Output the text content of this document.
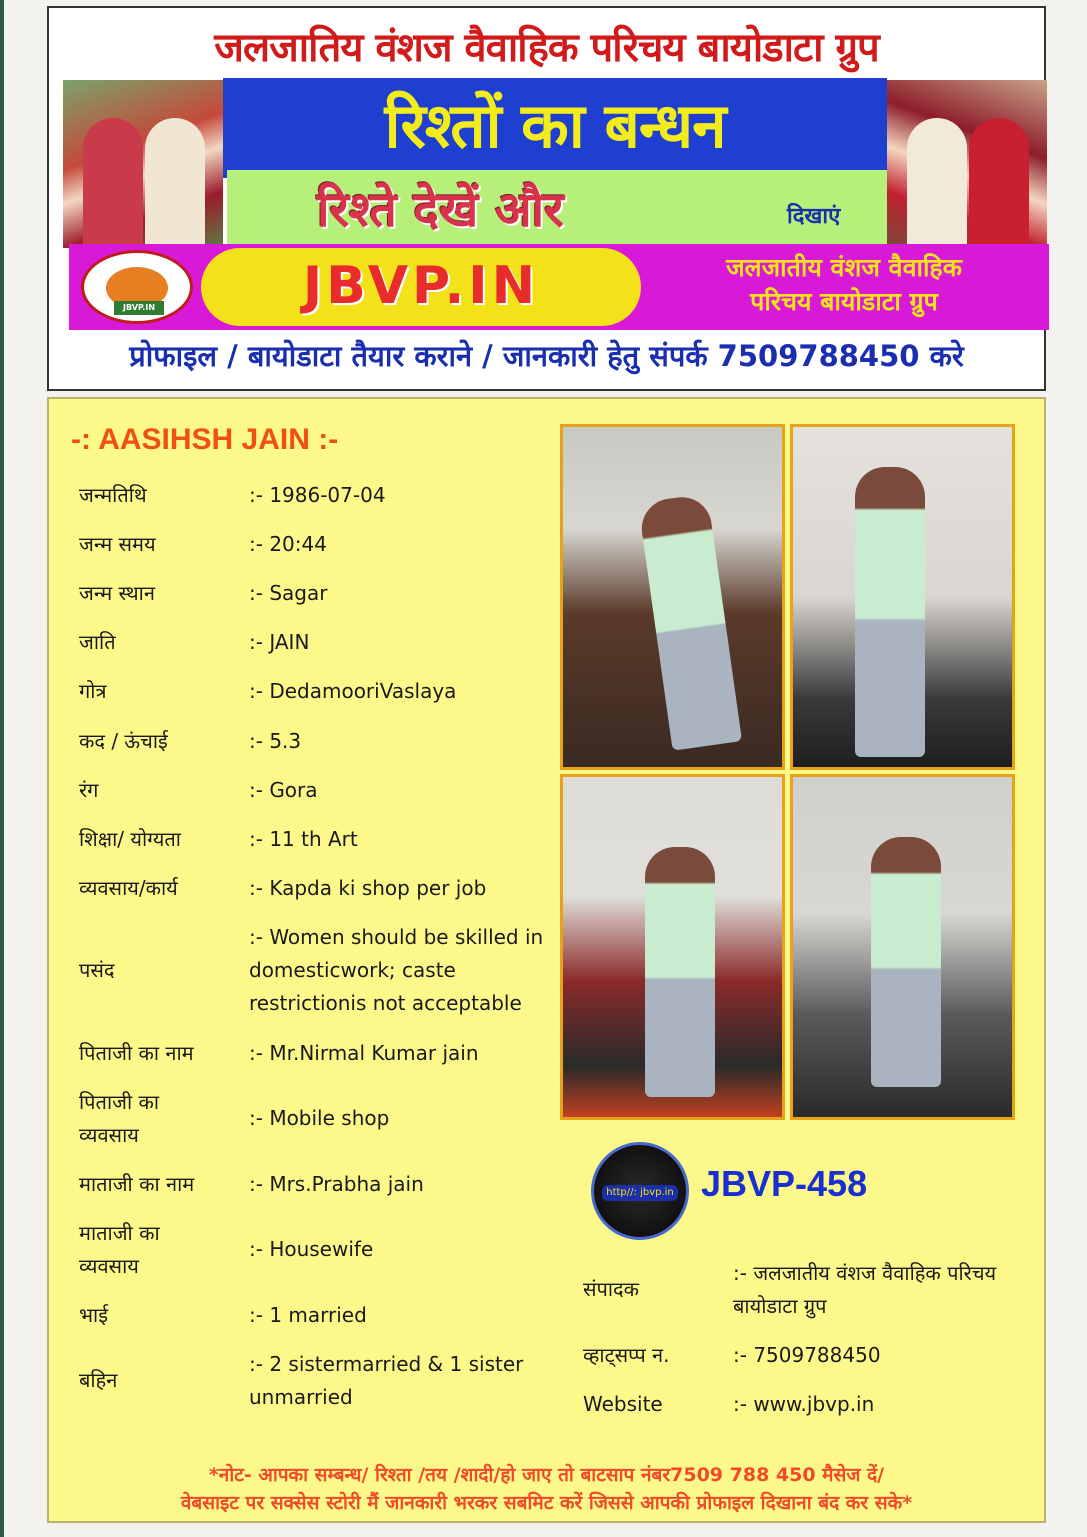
जलजातिय वंशज वैवाहिक परिचय बायोडाटा ग्रुप
रिश्तों का बन्धन
रिश्ते देखें और	दिखाएं
JBVP.IN	JBVP.IN	जलजातीय वंशज वैवाहिक
परिचय बायोडाटा ग्रुप
प्रोफाइल / बायोडाटा तैयार कराने / जानकारी हेतु संपर्क 7509788450 करे
-: AASIHSH JAIN :-
जन्मतिथि	:- 1986-07-04
जन्म समय	:- 20:44
जन्म स्थान	:- Sagar
जाति	:- JAIN
गोत्र	:- DedamooriVaslaya
कद / ऊंचाई	:- 5.3
रंग	:- Gora
शिक्षा/ योग्यता	:- 11 th Art
व्यवसाय/कार्य	:- Kapda ki shop per job
पसंद
:- Women should be skilled in domesticwork; caste restrictionis not acceptable
पिताजी का नाम	:- Mr.Nirmal Kumar jain
पिताजी का व्यवसाय
:- Mobile shop
माताजी का नाम	:- Mrs.Prabha jain
माताजी का व्यवसाय
:- Housewife
भाई	:- 1 married
बहिन
:- 2 sistermarried & 1 sister unmarried
http//: jbvp.in JBVP-458
संपादक
:- जलजातीय वंशज वैवाहिक परिचय बायोडाटा ग्रुप
व्हाट्सप्प न.	:- 7509788450
Website	:- www.jbvp.in
*नोट- आपका सम्बन्ध/ रिश्ता /तय /शादी/हो जाए तो बाटसाप नंबर7509 788 450 मैसेज दें/
वेबसाइट पर सक्सेस स्टोरी मैं जानकारी भरकर सबमिट करें जिससे आपकी प्रोफाइल दिखाना बंद कर सके*
